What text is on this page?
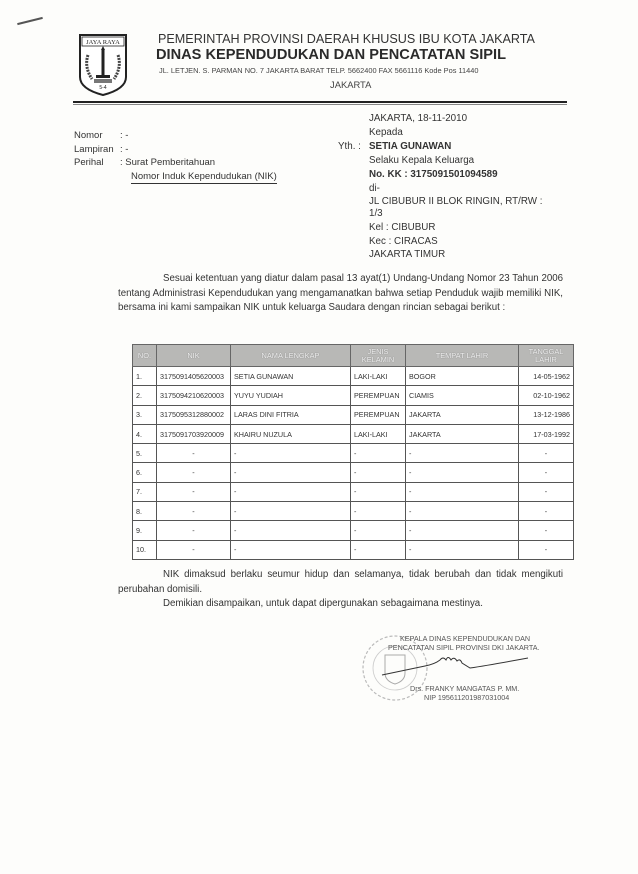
JAYA RAYA
5-4
PEMERINTAH PROVINSI DAERAH KHUSUS IBU KOTA JAKARTA
DINAS KEPENDUDUKAN DAN PENCATATAN SIPIL
JL. LETJEN. S. PARMAN NO. 7 JAKARTA BARAT TELP. 5662400 FAX 5661116 Kode Pos 11440
JAKARTA
Nomor : -
Lampiran : -
Perihal : Surat Pemberitahuan
Nomor Induk Kependudukan (NIK)
JAKARTA, 18-11-2010
Kepada
Yth. : SETIA GUNAWAN
Selaku Kepala Keluarga
No. KK : 3175091501094589
di-
JL CIBUBUR II BLOK RINGIN, RT/RW :
1/3
Kel : CIBUBUR
Kec : CIRACAS
JAKARTA TIMUR
Sesuai ketentuan yang diatur dalam pasal 13 ayat(1) Undang-Undang Nomor 23 Tahun 2006 tentang Administrasi Kependudukan yang mengamanatkan bahwa setiap Penduduk wajib memiliki NIK, bersama ini kami sampaikan NIK untuk keluarga Saudara dengan rincian sebagai berikut :
NO.	NIK	NAMA LENGKAP	JENIS KELAMIN	TEMPAT LAHIR	TANGGAL LAHIR
1.	3175091405620003	SETIA GUNAWAN	LAKI-LAKI	BOGOR	14-05-1962
2.	3175094210620003	YUYU YUDIAH	PEREMPUAN	CIAMIS	02-10-1962
3.	3175095312880002	LARAS DINI FITRIA	PEREMPUAN	JAKARTA	13-12-1986
4.	3175091703920009	KHAIRU NUZULA	LAKI-LAKI	JAKARTA	17-03-1992
5.	-	-	-	-	-
6.	-	-	-	-	-
7.	-	-	-	-	-
8.	-	-	-	-	-
9.	-	-	-	-	-
10.	-	-	-	-	-
NIK dimaksud berlaku seumur hidup dan selamanya, tidak berubah dan tidak mengikuti perubahan domisili.
Demikian disampaikan, untuk dapat dipergunakan sebagaimana mestinya.
KEPALA DINAS KEPENDUDUKAN DAN
PENCATATAN SIPIL PROVINSI DKI JAKARTA.
Drs. FRANKY MANGATAS P. MM.
NIP 195611201987031004
